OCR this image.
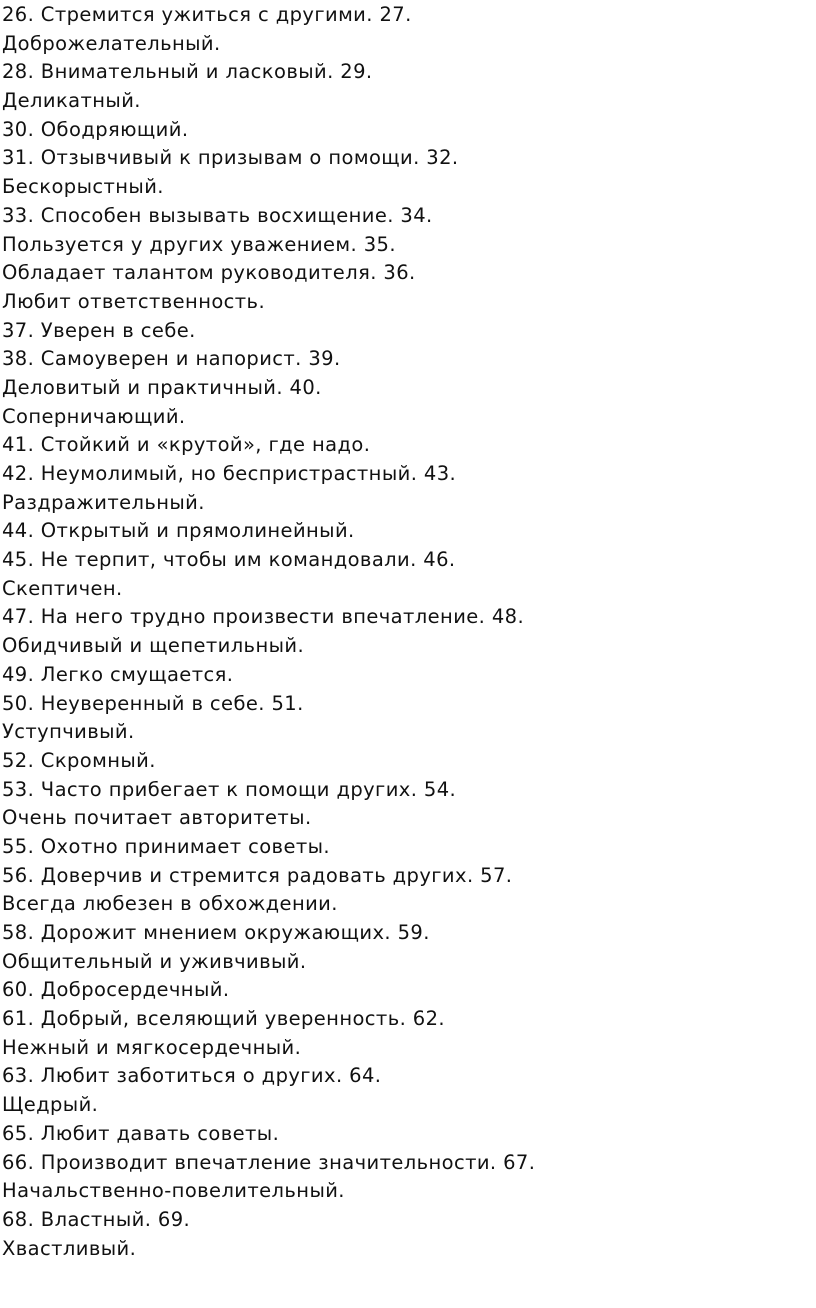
26. Стремится ужиться с другими. 27.

Доброжелательный.

28. Внимательный и ласковый. 29.

Деликатный.

30. Ободряющий.

31. Отзывчивый к призывам о помощи. 32.

Бескорыстный.

33. Способен вызывать восхищение. 34.

Пользуется у других уважением. 35.

Обладает талантом руководителя. 36.

Любит ответственность.

37. Уверен в себе.

38. Самоуверен и напорист. 39.

Деловитый и практичный. 40.

Соперничающий.

41. Стойкий и «крутой», где надо.

42. Неумолимый, но беспристрастный. 43.

Раздражительный.

44. Открытый и прямолинейный.

45. Не терпит, чтобы им командовали. 46.

Скептичен.

47. На него трудно произвести впечатление. 48.

Обидчивый и щепетильный.

49. Легко смущается.

50. Неуверенный в себе. 51.

Уступчивый.

52. Скромный.

53. Часто прибегает к помощи других. 54.

Очень почитает авторитеты.

55. Охотно принимает советы.

56. Доверчив и стремится радовать других. 57.

Всегда любезен в обхождении.

58. Дорожит мнением окружающих. 59.

Общительный и уживчивый.

60. Добросердечный.

61. Добрый, вселяющий уверенность. 62.

Нежный и мягкосердечный.

63. Любит заботиться о других. 64.

Щедрый.

65. Любит давать советы.

66. Производит впечатление значительности. 67.

Начальственно-повелительный.

68. Властный. 69.

Хвастливый.
